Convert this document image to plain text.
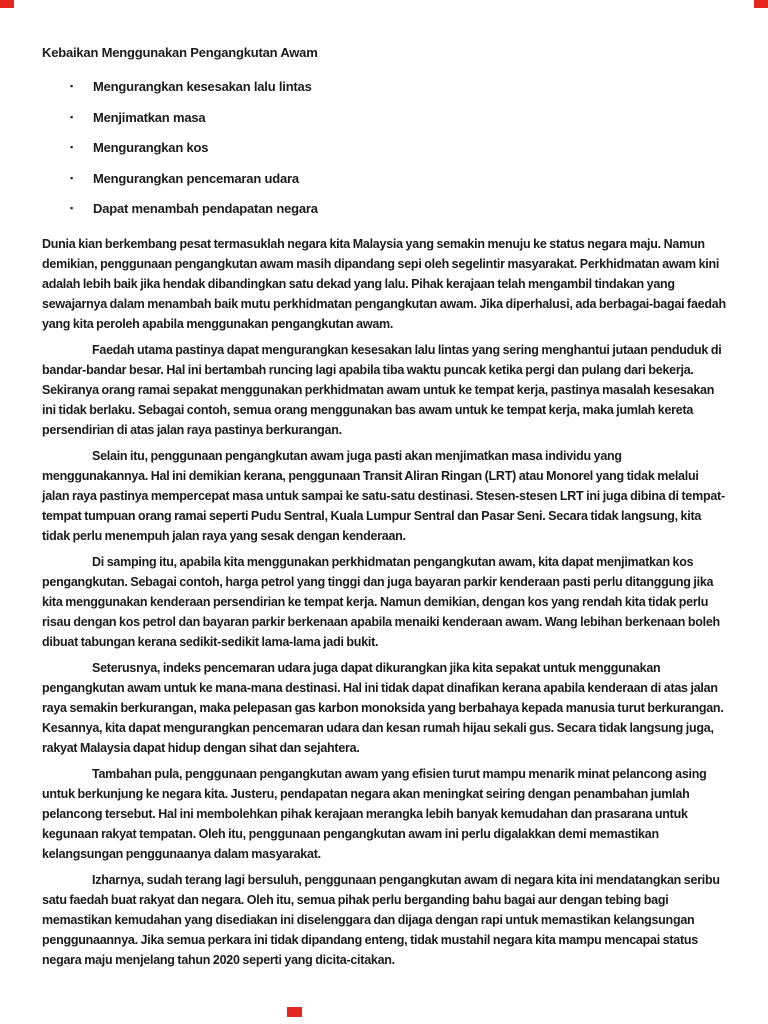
Kebaikan Menggunakan Pengangkutan Awam
▪ Mengurangkan kesesakan lalu lintas
▪ Menjimatkan masa
▪ Mengurangkan kos
▪ Mengurangkan pencemaran udara
▪ Dapat menambah pendapatan negara

Dunia kian berkembang pesat termasuklah negara kita Malaysia yang semakin menuju ke status negara maju. Namun demikian, penggunaan pengangkutan awam masih dipandang sepi oleh segelintir masyarakat. Perkhidmatan awam kini adalah lebih baik jika hendak dibandingkan satu dekad yang lalu. Pihak kerajaan telah mengambil tindakan yang sewajarnya dalam menambah baik mutu perkhidmatan pengangkutan awam. Jika diperhalusi, ada berbagai-bagai faedah yang kita peroleh apabila menggunakan pengangkutan awam.

Faedah utama pastinya dapat mengurangkan kesesakan lalu lintas yang sering menghantui jutaan penduduk di bandar-bandar besar. Hal ini bertambah runcing lagi apabila tiba waktu puncak ketika pergi dan pulang dari bekerja. Sekiranya orang ramai sepakat menggunakan perkhidmatan awam untuk ke tempat kerja, pastinya masalah kesesakan ini tidak berlaku. Sebagai contoh, semua orang menggunakan bas awam untuk ke tempat kerja, maka jumlah kereta persendirian di atas jalan raya pastinya berkurangan.

Selain itu, penggunaan pengangkutan awam juga pasti akan menjimatkan masa individu yang menggunakannya. Hal ini demikian kerana, penggunaan Transit Aliran Ringan (LRT) atau Monorel yang tidak melalui jalan raya pastinya mempercepat masa untuk sampai ke satu-satu destinasi. Stesen-stesen LRT ini juga dibina di tempat-tempat tumpuan orang ramai seperti Pudu Sentral, Kuala Lumpur Sentral dan Pasar Seni. Secara tidak langsung, kita tidak perlu menempuh jalan raya yang sesak dengan kenderaan.

Di samping itu, apabila kita menggunakan perkhidmatan pengangkutan awam, kita dapat menjimatkan kos pengangkutan. Sebagai contoh, harga petrol yang tinggi dan juga bayaran parkir kenderaan pasti perlu ditanggung jika kita menggunakan kenderaan persendirian ke tempat kerja. Namun demikian, dengan kos yang rendah kita tidak perlu risau dengan kos petrol dan bayaran parkir berkenaan apabila menaiki kenderaan awam. Wang lebihan berkenaan boleh dibuat tabungan kerana sedikit-sedikit lama-lama jadi bukit.

Seterusnya, indeks pencemaran udara juga dapat dikurangkan jika kita sepakat untuk menggunakan pengangkutan awam untuk ke mana-mana destinasi. Hal ini tidak dapat dinafikan kerana apabila kenderaan di atas jalan raya semakin berkurangan, maka pelepasan gas karbon monoksida yang berbahaya kepada manusia turut berkurangan. Kesannya, kita dapat mengurangkan pencemaran udara dan kesan rumah hijau sekali gus. Secara tidak langsung juga, rakyat Malaysia dapat hidup dengan sihat dan sejahtera.

Tambahan pula, penggunaan pengangkutan awam yang efisien turut mampu menarik minat pelancong asing untuk berkunjung ke negara kita. Justeru, pendapatan negara akan meningkat seiring dengan penambahan jumlah pelancong tersebut. Hal ini membolehkan pihak kerajaan merangka lebih banyak kemudahan dan prasarana untuk kegunaan rakyat tempatan. Oleh itu, penggunaan pengangkutan awam ini perlu digalakkan demi memastikan kelangsungan penggunaanya dalam masyarakat.

Izharnya, sudah terang lagi bersuluh, penggunaan pengangkutan awam di negara kita ini mendatangkan seribu satu faedah buat rakyat dan negara. Oleh itu, semua pihak perlu berganding bahu bagai aur dengan tebing bagi memastikan kemudahan yang disediakan ini diselenggara dan dijaga dengan rapi untuk memastikan kelangsungan penggunaannya. Jika semua perkara ini tidak dipandang enteng, tidak mustahil negara kita mampu mencapai status negara maju menjelang tahun 2020 seperti yang dicita-citakan.
